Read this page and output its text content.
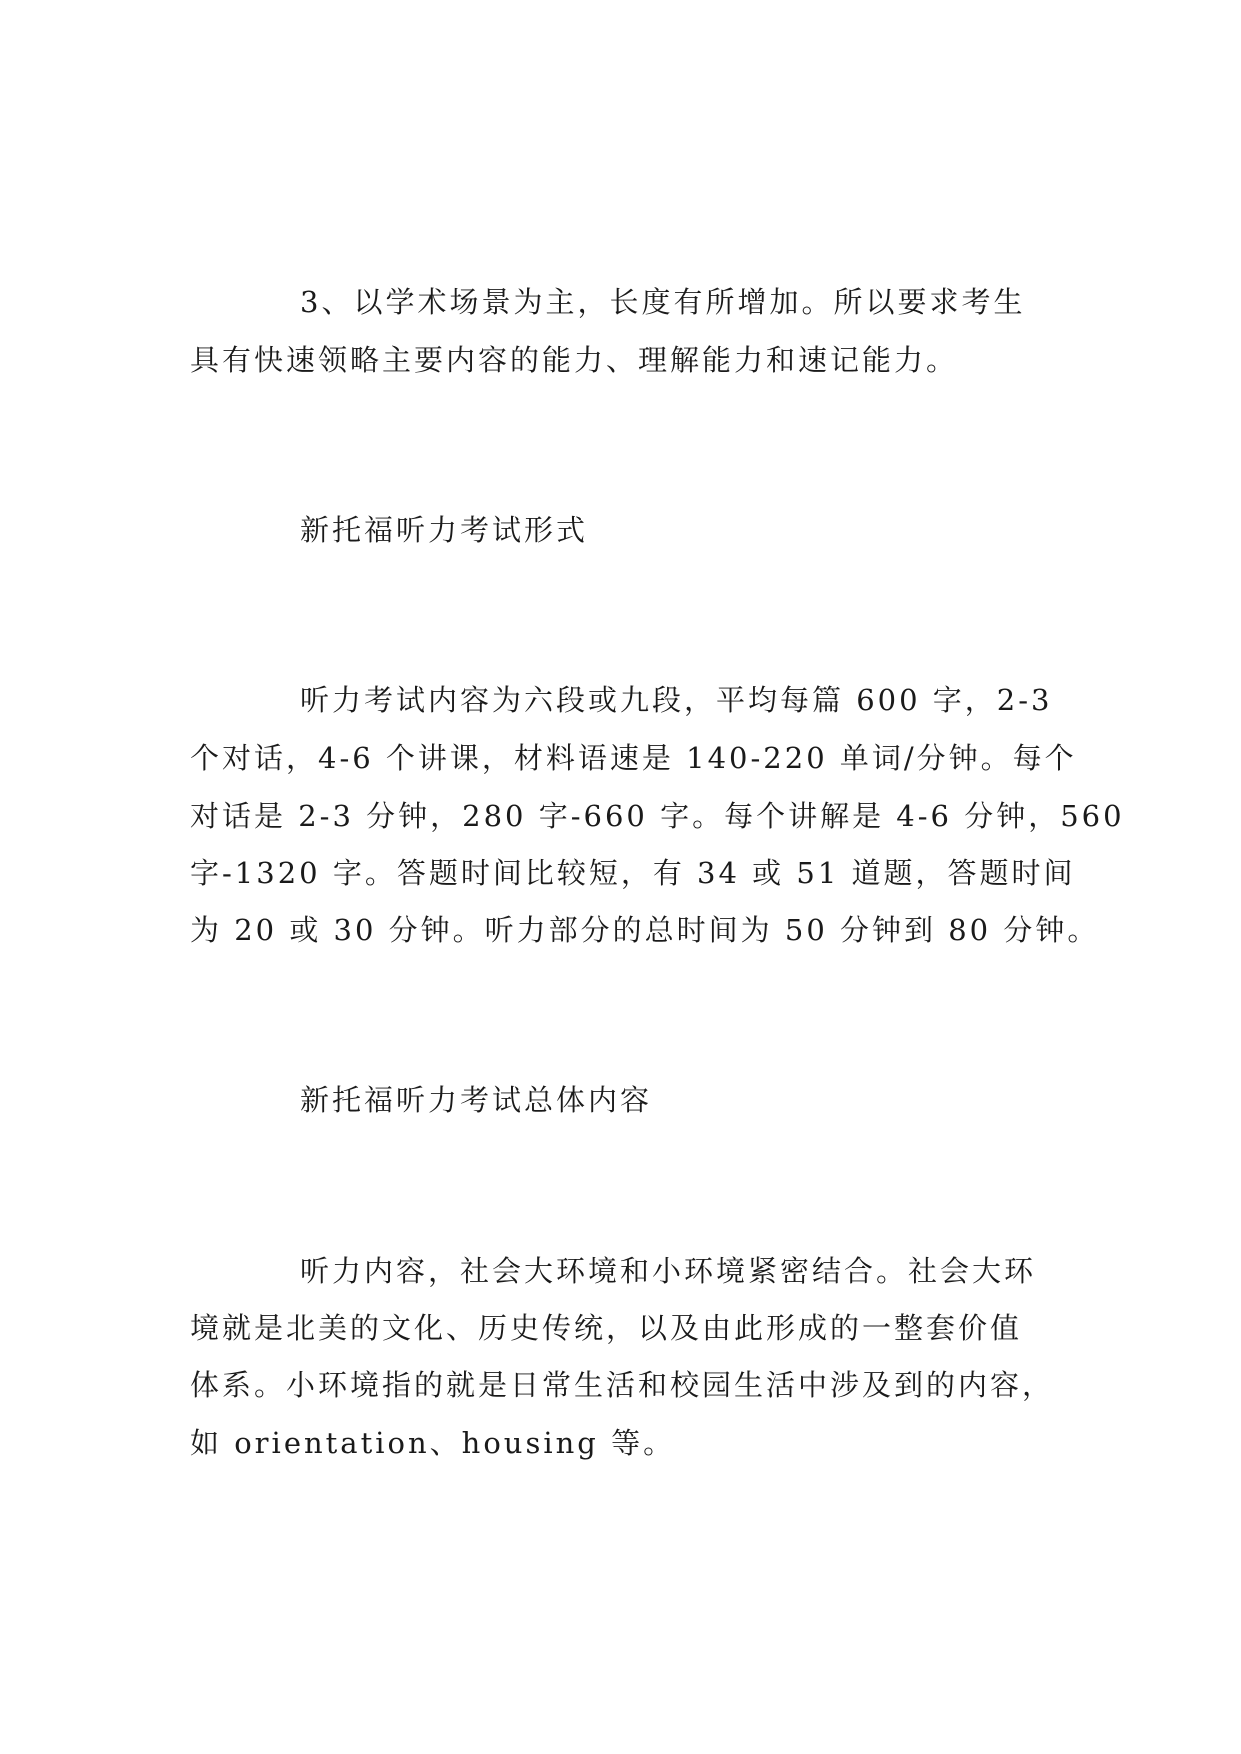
3、以学术场景为主，长度有所增加。所以要求考生
具有快速领略主要内容的能力、理解能力和速记能力。
新托福听力考试形式
听力考试内容为六段或九段，平均每篇 600 字，2-3
个对话，4-6 个讲课，材料语速是 140-220 单词/分钟。每个
对话是 2-3 分钟，280 字-660 字。每个讲解是 4-6 分钟，560
字-1320 字。答题时间比较短，有 34 或 51 道题，答题时间
为 20 或 30 分钟。听力部分的总时间为 50 分钟到 80 分钟。
新托福听力考试总体内容
听力内容，社会大环境和小环境紧密结合。社会大环
境就是北美的文化、历史传统，以及由此形成的一整套价值
体系。小环境指的就是日常生活和校园生活中涉及到的内容，
如 orientation、housing 等。
